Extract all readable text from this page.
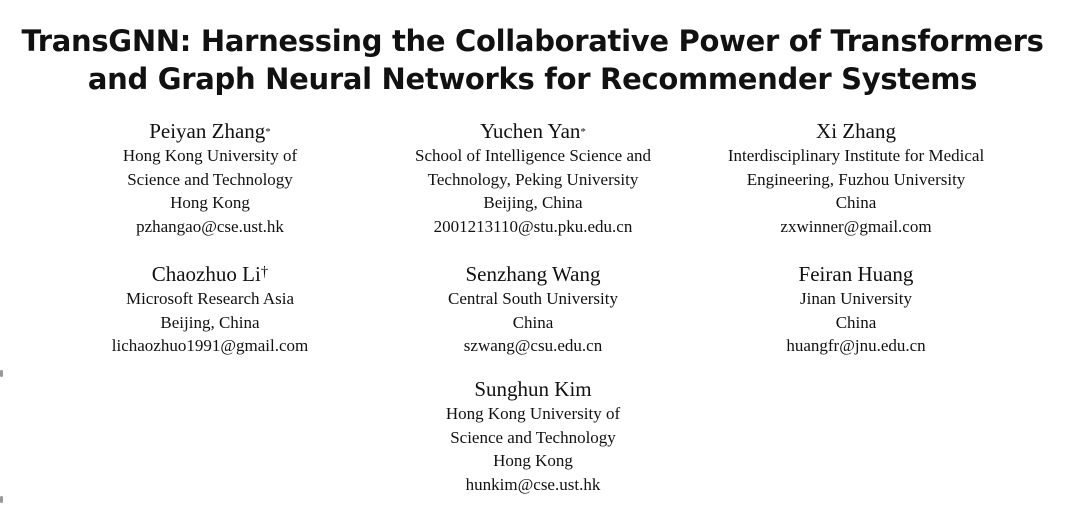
TransGNN: Harnessing the Collaborative Power of Transformers
and Graph Neural Networks for Recommender Systems
Peiyan Zhang*
Hong Kong University of
Science and Technology
Hong Kong
pzhangao@cse.ust.hk
Yuchen Yan*
School of Intelligence Science and
Technology, Peking University
Beijing, China
2001213110@stu.pku.edu.cn
Xi Zhang
Interdisciplinary Institute for Medical
Engineering, Fuzhou University
China
zxwinner@gmail.com
Chaozhuo Li†
Microsoft Research Asia
Beijing, China
lichaozhuo1991@gmail.com
Senzhang Wang
Central South University
China
szwang@csu.edu.cn
Feiran Huang
Jinan University
China
huangfr@jnu.edu.cn
Sunghun Kim
Hong Kong University of
Science and Technology
Hong Kong
hunkim@cse.ust.hk
